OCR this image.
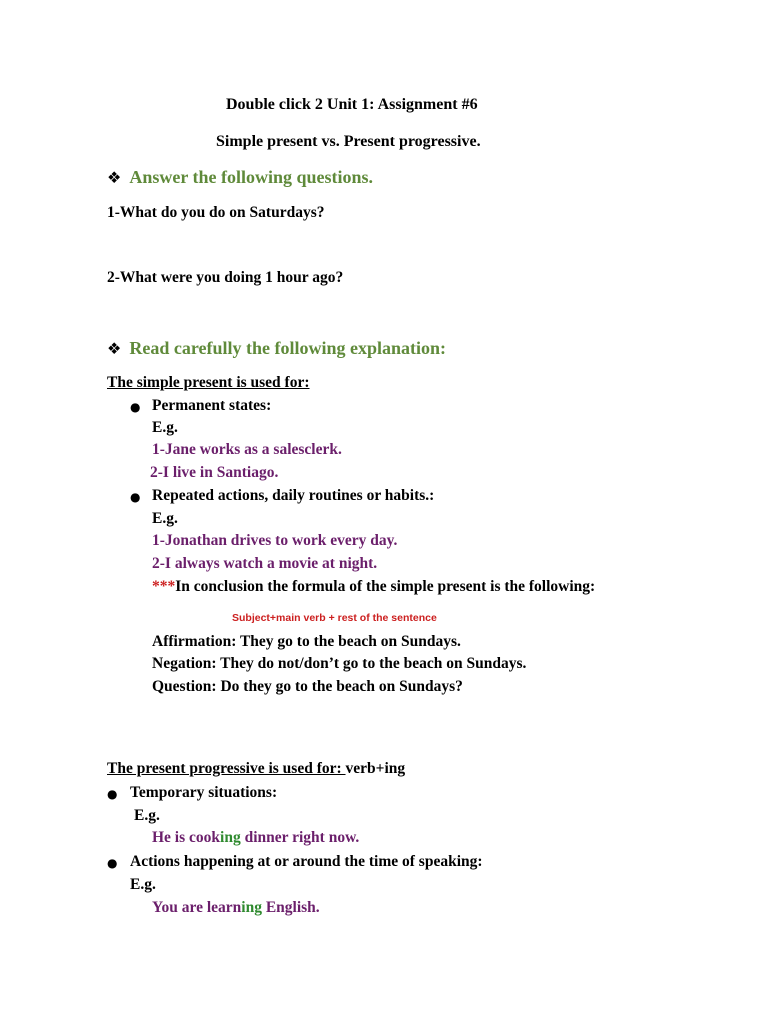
Double click 2 Unit 1: Assignment #6
Simple present vs. Present progressive.
❖ Answer the following questions.
1-What do you do on Saturdays?
2-What were you doing 1 hour ago?
❖ Read carefully the following explanation:
The simple present is used for:
● Permanent states:
E.g.
1-Jane works as a salesclerk.
2-I live in Santiago.
● Repeated actions, daily routines or habits.:
E.g.
1-Jonathan drives to work every day.
2-I always watch a movie at night.
***In conclusion the formula of the simple present is the following:
Subject+main verb + rest of the sentence
Affirmation: They go to the beach on Sundays.
Negation: They do not/don’t go to the beach on Sundays.
Question: Do they go to the beach on Sundays?
The present progressive is used for: verb+ing
● Temporary situations:
E.g.
He is cooking dinner right now.
● Actions happening at or around the time of speaking:
E.g.
You are learning English.
